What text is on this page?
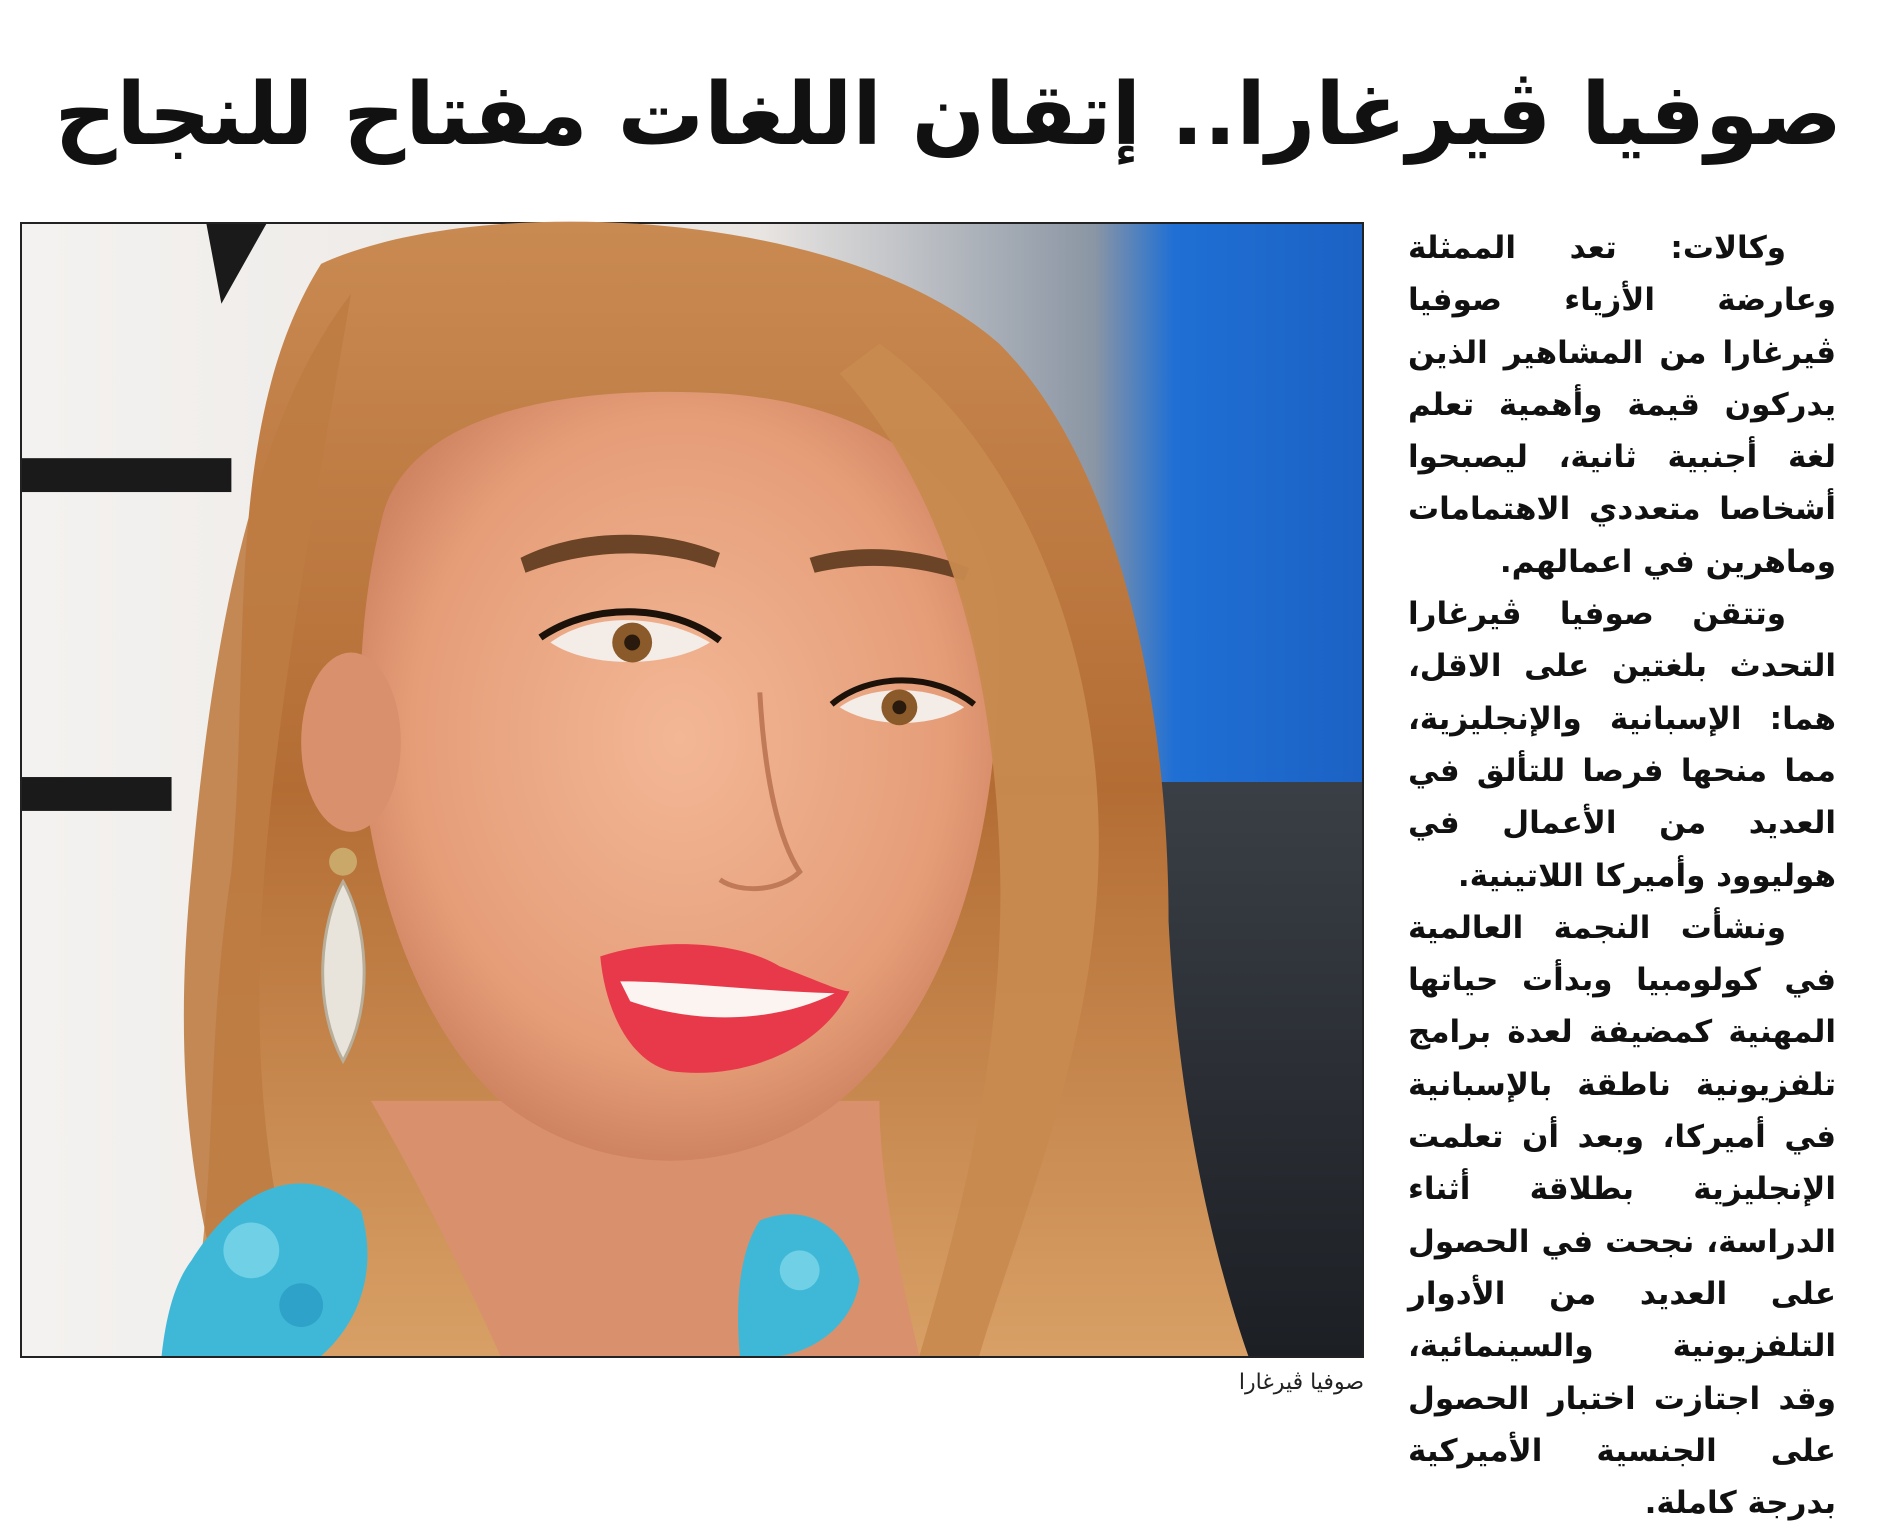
صوفيا ڤيرغارا.. إتقان اللغات مفتاح للنجاح
صوفيا ڤيرغارا

وكالات: تعد الممثلة وعارضة الأزياء صوفيا ڤيرغارا من المشاهير الذين يدركون قيمة وأهمية تعلم لغة أجنبية ثانية، ليصبحوا أشخاصا متعددي الاهتمامات وماهرين في اعمالهم.

وتتقن صوفيا ڤيرغارا التحدث بلغتين على الاقل، هما: الإسبانية والإنجليزية، مما منحها فرصا للتألق في العديد من الأعمال في هوليوود وأميركا اللاتينية.

ونشأت النجمة العالمية في كولومبيا وبدأت حياتها المهنية كمضيفة لعدة برامج تلفزيونية ناطقة بالإسبانية في أميركا، وبعد أن تعلمت الإنجليزية بطلاقة أثناء الدراسة، نجحت في الحصول على العديد من الأدوار التلفزيونية والسينمائية، وقد اجتازت اختبار الحصول على الجنسية الأميركية بدرجة كاملة.
